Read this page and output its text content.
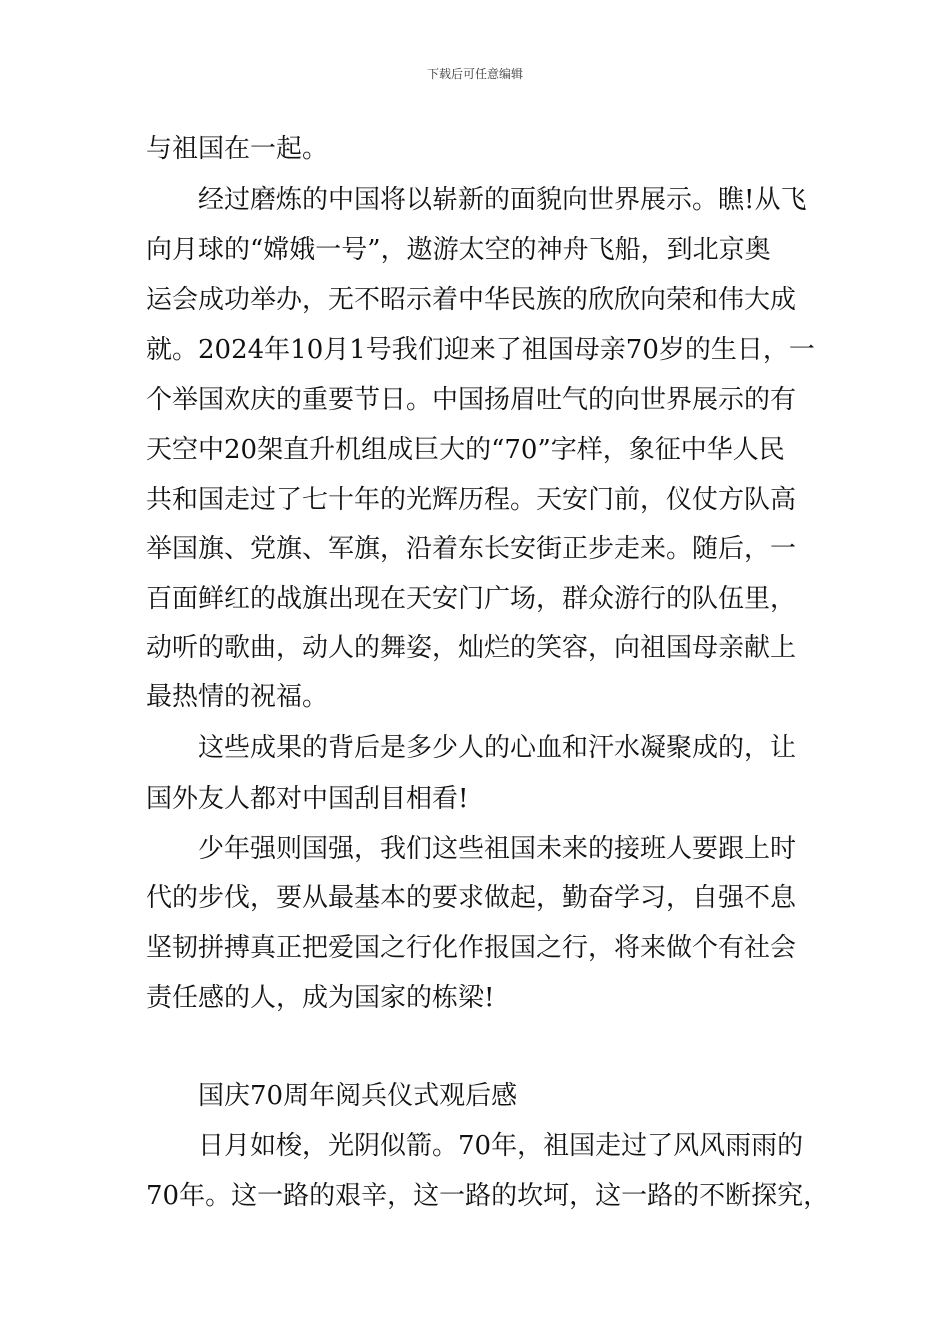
下载后可任意编辑
与祖国在一起。
经过磨炼的中国将以崭新的面貌向世界展示。瞧!从飞
向月球的“嫦娥一号”，遨游太空的神舟飞船，到北京奥
运会成功举办，无不昭示着中华民族的欣欣向荣和伟大成
就。2024年10月1号我们迎来了祖国母亲70岁的生日，一
个举国欢庆的重要节日。中国扬眉吐气的向世界展示的有
天空中20架直升机组成巨大的“70”字样，象征中华人民
共和国走过了七十年的光辉历程。天安门前，仪仗方队高
举国旗、党旗、军旗，沿着东长安街正步走来。随后，一
百面鲜红的战旗出现在天安门广场，群众游行的队伍里，
动听的歌曲，动人的舞姿，灿烂的笑容，向祖国母亲献上
最热情的祝福。
这些成果的背后是多少人的心血和汗水凝聚成的，让
国外友人都对中国刮目相看!
少年强则国强，我们这些祖国未来的接班人要跟上时
代的步伐，要从最基本的要求做起，勤奋学习，自强不息
坚韧拼搏真正把爱国之行化作报国之行，将来做个有社会
责任感的人，成为国家的栋梁!
国庆70周年阅兵仪式观后感
日月如梭，光阴似箭。70年，祖国走过了风风雨雨的
70年。这一路的艰辛，这一路的坎坷，这一路的不断探究，
